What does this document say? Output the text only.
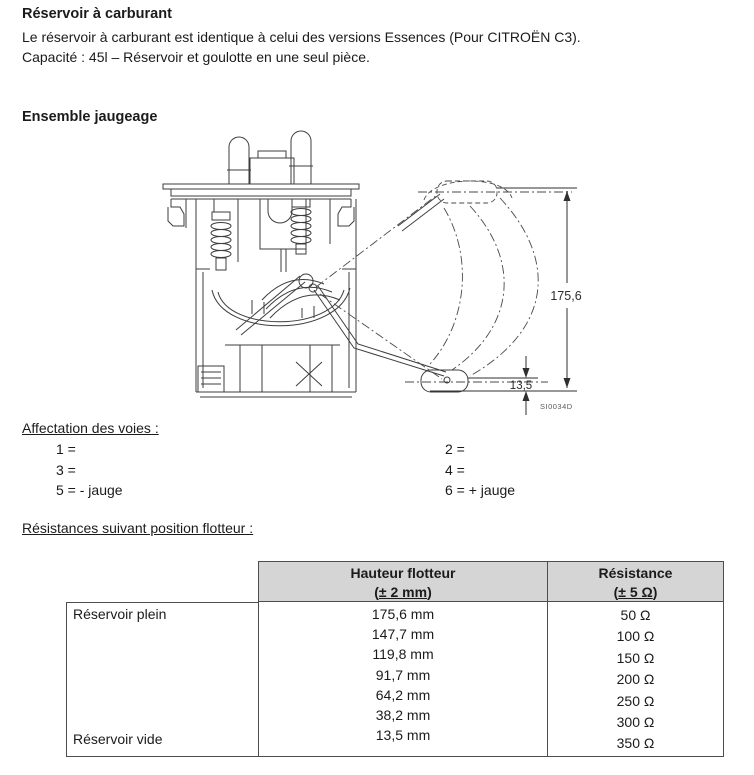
Réservoir à carburant
Le réservoir à carburant est identique à celui des versions Essences (Pour CITROËN C3).
Capacité : 45l – Réservoir et goulotte en une seul pièce.
Ensemble jaugeage
175,6
13,5
SI0034D
Affectation des voies :
1 =
3 =
5 = - jauge
2 =
4 =
6 = + jauge
Résistances suivant position flotteur :
Hauteur flotteur
(± 2 mm)
Résistance
(± 5 Ω)
Réservoir plein
Réservoir vide
175,6 mm
147,7 mm
119,8 mm
91,7 mm
64,2 mm
38,2 mm
13,5 mm
50 Ω
100 Ω
150 Ω
200 Ω
250 Ω
300 Ω
350 Ω
